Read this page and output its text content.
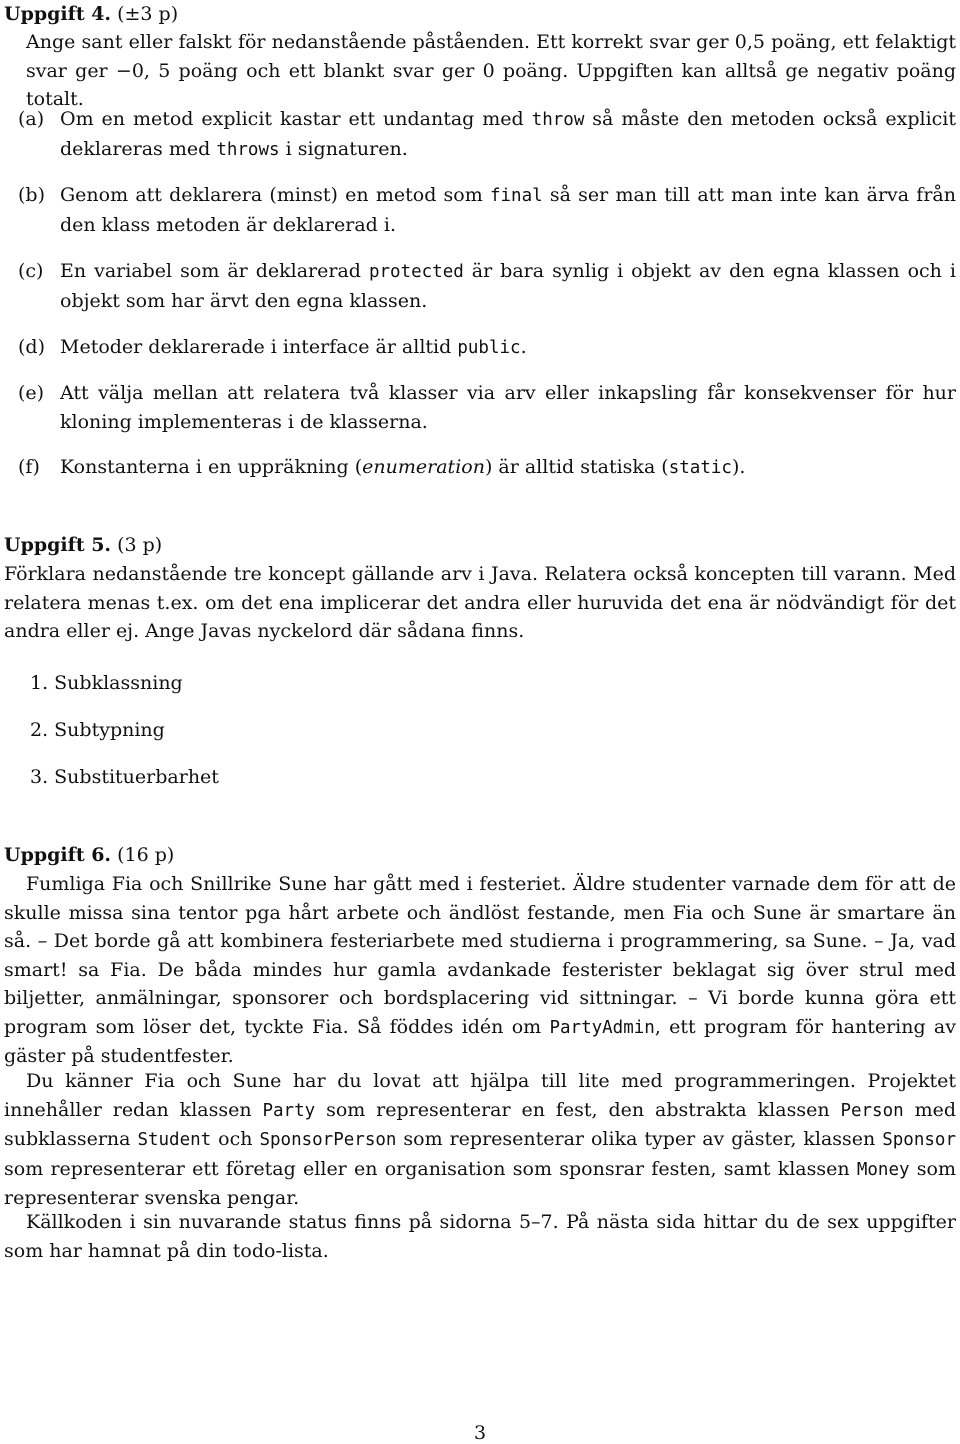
Uppgift 4. (±3 p)
Ange sant eller falskt för nedanstående påståenden. Ett korrekt svar ger 0,5 poäng, ett felaktigt svar ger −0, 5 poäng och ett blankt svar ger 0 poäng. Uppgiften kan alltså ge negativ poäng totalt.
(a) Om en metod explicit kastar ett undantag med throw så måste den metoden också explicit deklareras med throws i signaturen.
(b) Genom att deklarera (minst) en metod som final så ser man till att man inte kan ärva från den klass metoden är deklarerad i.
(c) En variabel som är deklarerad protected är bara synlig i objekt av den egna klassen och i objekt som har ärvt den egna klassen.
(d) Metoder deklarerade i interface är alltid public.
(e) Att välja mellan att relatera två klasser via arv eller inkapsling får konsekvenser för hur kloning implementeras i de klasserna.
(f)	Konstanterna i en uppräkning (enumeration) är alltid statiska (static).
Uppgift 5. (3 p)
Förklara nedanstående tre koncept gällande arv i Java. Relatera också koncepten till varann. Med relatera menas t.ex. om det ena implicerar det andra eller huruvida det ena är nödvändigt för det andra eller ej. Ange Javas nyckelord där sådana finns.
1. Subklassning
2. Subtypning
3. Substituerbarhet
Uppgift 6. (16 p)
Fumliga Fia och Snillrike Sune har gått med i festeriet. Äldre studenter varnade dem för att de skulle missa sina tentor pga hårt arbete och ändlöst festande, men Fia och Sune är smartare än så. – Det borde gå att kombinera festeriarbete med studierna i programmering, sa Sune. – Ja, vad smart! sa Fia. De båda mindes hur gamla avdankade festerister beklagat sig över strul med biljetter, anmälningar, sponsorer och bordsplacering vid sittningar. – Vi borde kunna göra ett program som löser det, tyckte Fia. Så föddes idén om PartyAdmin, ett program för hantering av gäster på studentfester.
Du känner Fia och Sune har du lovat att hjälpa till lite med programmeringen. Projektet innehåller redan klassen Party som representerar en fest, den abstrakta klassen Person med subklasserna Student och SponsorPerson som representerar olika typer av gäster, klassen Sponsor som representerar ett företag eller en organisation som sponsrar festen, samt klassen Money som representerar svenska pengar.
Källkoden i sin nuvarande status finns på sidorna 5–7. På nästa sida hittar du de sex uppgifter som har hamnat på din todo-lista.
3
